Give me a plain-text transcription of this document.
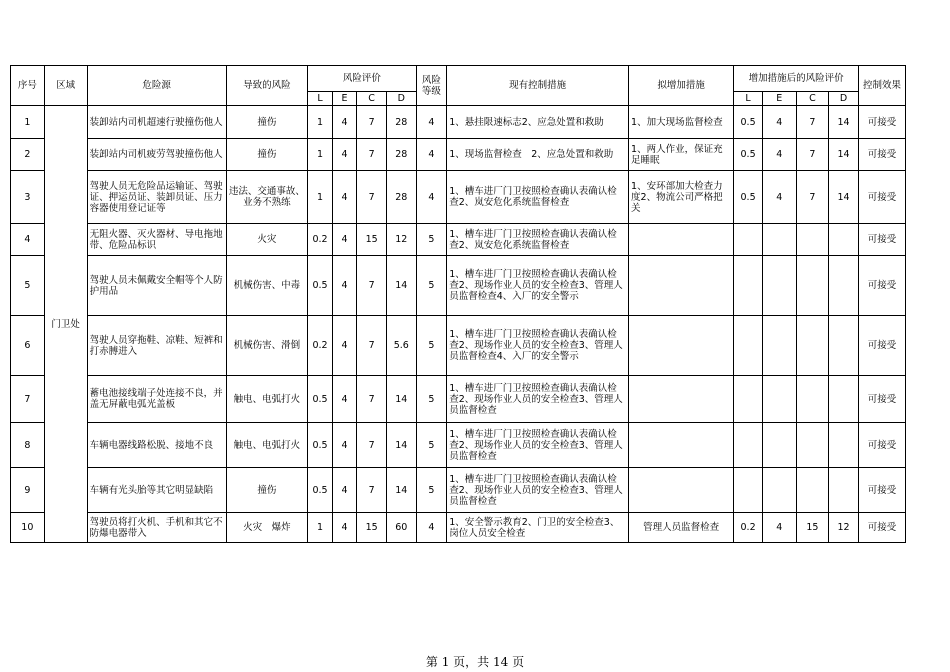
序号	区域	危险源	导致的风险	风险评价				风险等级	现有控制措施	拟增加措施	增加措施后的风险评价				控制效果
				L	E	C	D				L	E	C	D	
1	门卫处	装卸站内司机超速行驶撞伤他人	撞伤	1	4	7	28	4	1、悬挂限速标志2、应急处置和救助	1、加大现场监督检查	0.5	4	7	14	可接受
2		装卸站内司机疲劳驾驶撞伤他人	撞伤	1	4	7	28	4	1、现场监督检查　2、应急处置和救助	1、两人作业，保证充足睡眠	0.5	4	7	14	可接受
3		驾驶人员无危险品运输证、驾驶证、押运员证、装卸员证、压力容器使用登记证等	违法、交通事故、业务不熟练	1	4	7	28	4	1、槽车进厂门卫按照检查确认表确认检查2、岚安危化系统监督检查	1、安环部加大检查力度2、物流公司严格把关	0.5	4	7	14	可接受
4		无阻火器、灭火器材、导电拖地带、危险品标识	火灾	0.2	4	15	12	5	1、槽车进厂门卫按照检查确认表确认检查2、岚安危化系统监督检查						可接受
5		驾驶人员未佩戴安全帽等个人防护用品	机械伤害、中毒	0.5	4	7	14	5	1、槽车进厂门卫按照检查确认表确认检查2、现场作业人员的安全检查3、管理人员监督检查4、入厂的安全警示						可接受
6		驾驶人员穿拖鞋、凉鞋、短裤和打赤膊进入	机械伤害、滑倒	0.2	4	7	5.6	5	1、槽车进厂门卫按照检查确认表确认检查2、现场作业人员的安全检查3、管理人员监督检查4、入厂的安全警示						可接受
7		蓄电池接线端子处连接不良，并盖无屏蔽电弧光盖板	触电、电弧打火	0.5	4	7	14	5	1、槽车进厂门卫按照检查确认表确认检查2、现场作业人员的安全检查3、管理人员监督检查						可接受
8		车辆电器线路松脱、接地不良	触电、电弧打火	0.5	4	7	14	5	1、槽车进厂门卫按照检查确认表确认检查2、现场作业人员的安全检查3、管理人员监督检查						可接受
9		车辆有光头胎等其它明显缺陷	撞伤	0.5	4	7	14	5	1、槽车进厂门卫按照检查确认表确认检查2、现场作业人员的安全检查3、管理人员监督检查						可接受
10		驾驶员将打火机、手机和其它不防爆电器带入	火灾　爆炸	1	4	15	60	4	1、安全警示教育2、门卫的安全检查3、岗位人员安全检查	管理人员监督检查	0.2	4	15	12	可接受
第 1 页，共 14 页
